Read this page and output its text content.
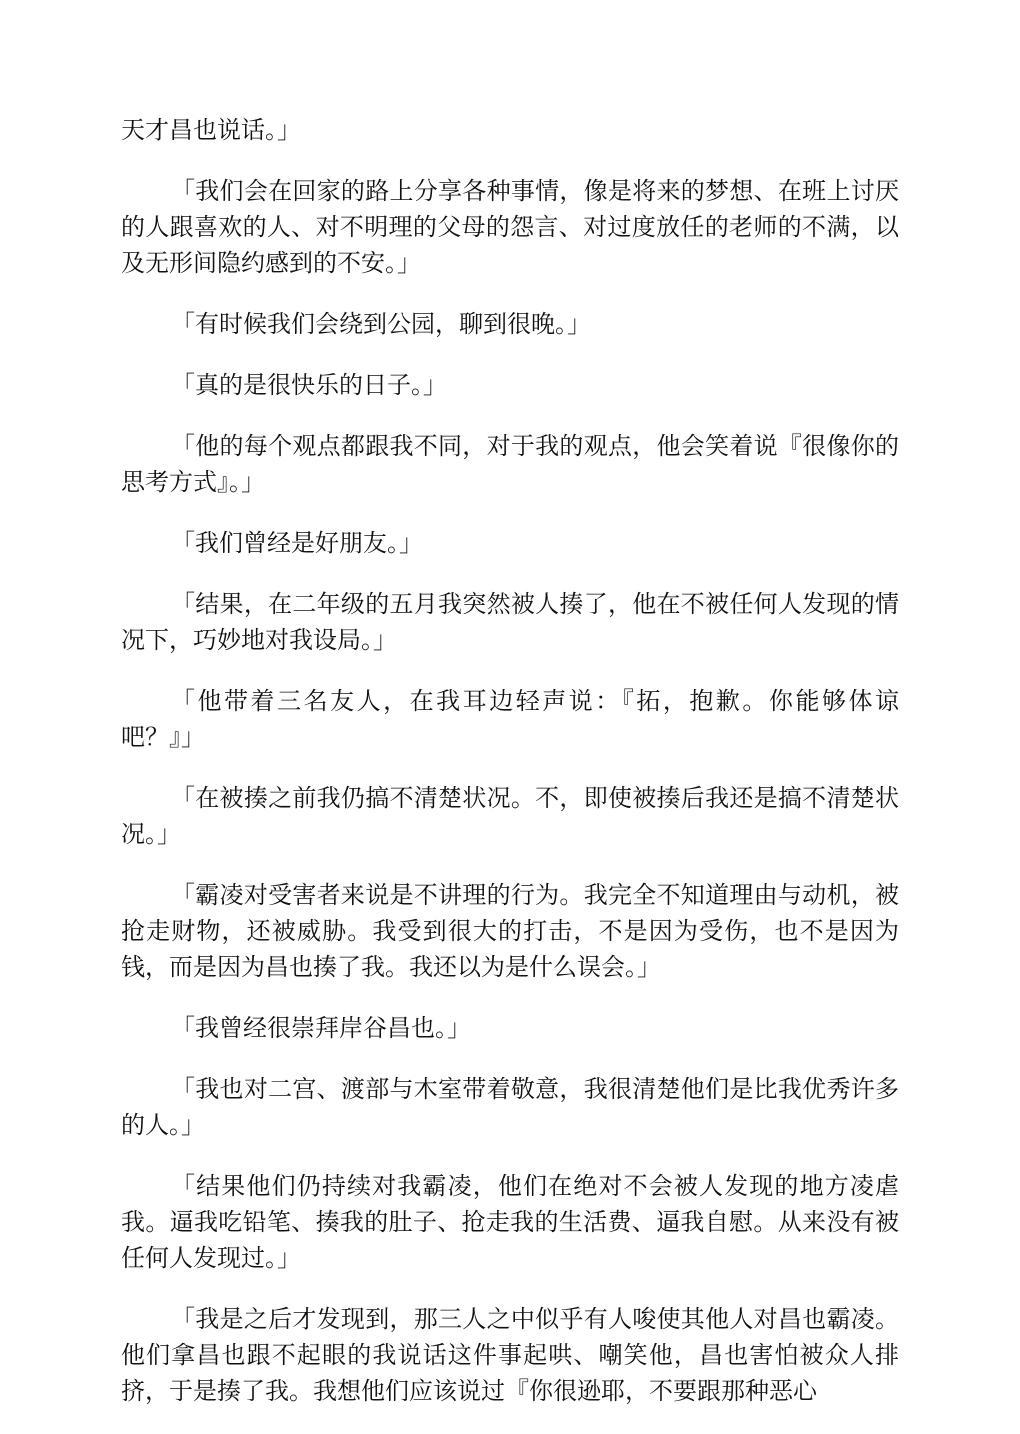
天才昌也说话。」

「我们会在回家的路上分享各种事情，像是将来的梦想、在班上讨厌的人跟喜欢的人、对不明理的父母的怨言、对过度放任的老师的不满，以及无形间隐约感到的不安。」

「有时候我们会绕到公园，聊到很晚。」

「真的是很快乐的日子。」

「他的每个观点都跟我不同，对于我的观点，他会笑着说『很像你的思考方式』。」

「我们曾经是好朋友。」

「结果，在二年级的五月我突然被人揍了，他在不被任何人发现的情况下，巧妙地对我设局。」

「他带着三名友人，在我耳边轻声说：『拓，抱歉。你能够体谅吧？』」

「在被揍之前我仍搞不清楚状况。不，即使被揍后我还是搞不清楚状况。」

「霸凌对受害者来说是不讲理的行为。我完全不知道理由与动机，被抢走财物，还被威胁。我受到很大的打击，不是因为受伤，也不是因为钱，而是因为昌也揍了我。我还以为是什么误会。」

「我曾经很崇拜岸谷昌也。」

「我也对二宫、渡部与木室带着敬意，我很清楚他们是比我优秀许多的人。」

「结果他们仍持续对我霸凌，他们在绝对不会被人发现的地方凌虐我。逼我吃铅笔、揍我的肚子、抢走我的生活费、逼我自慰。从来没有被任何人发现过。」

「我是之后才发现到，那三人之中似乎有人唆使其他人对昌也霸凌。他们拿昌也跟不起眼的我说话这件事起哄、嘲笑他，昌也害怕被众人排挤，于是揍了我。我想他们应该说过『你很逊耶，不要跟那种恶心
